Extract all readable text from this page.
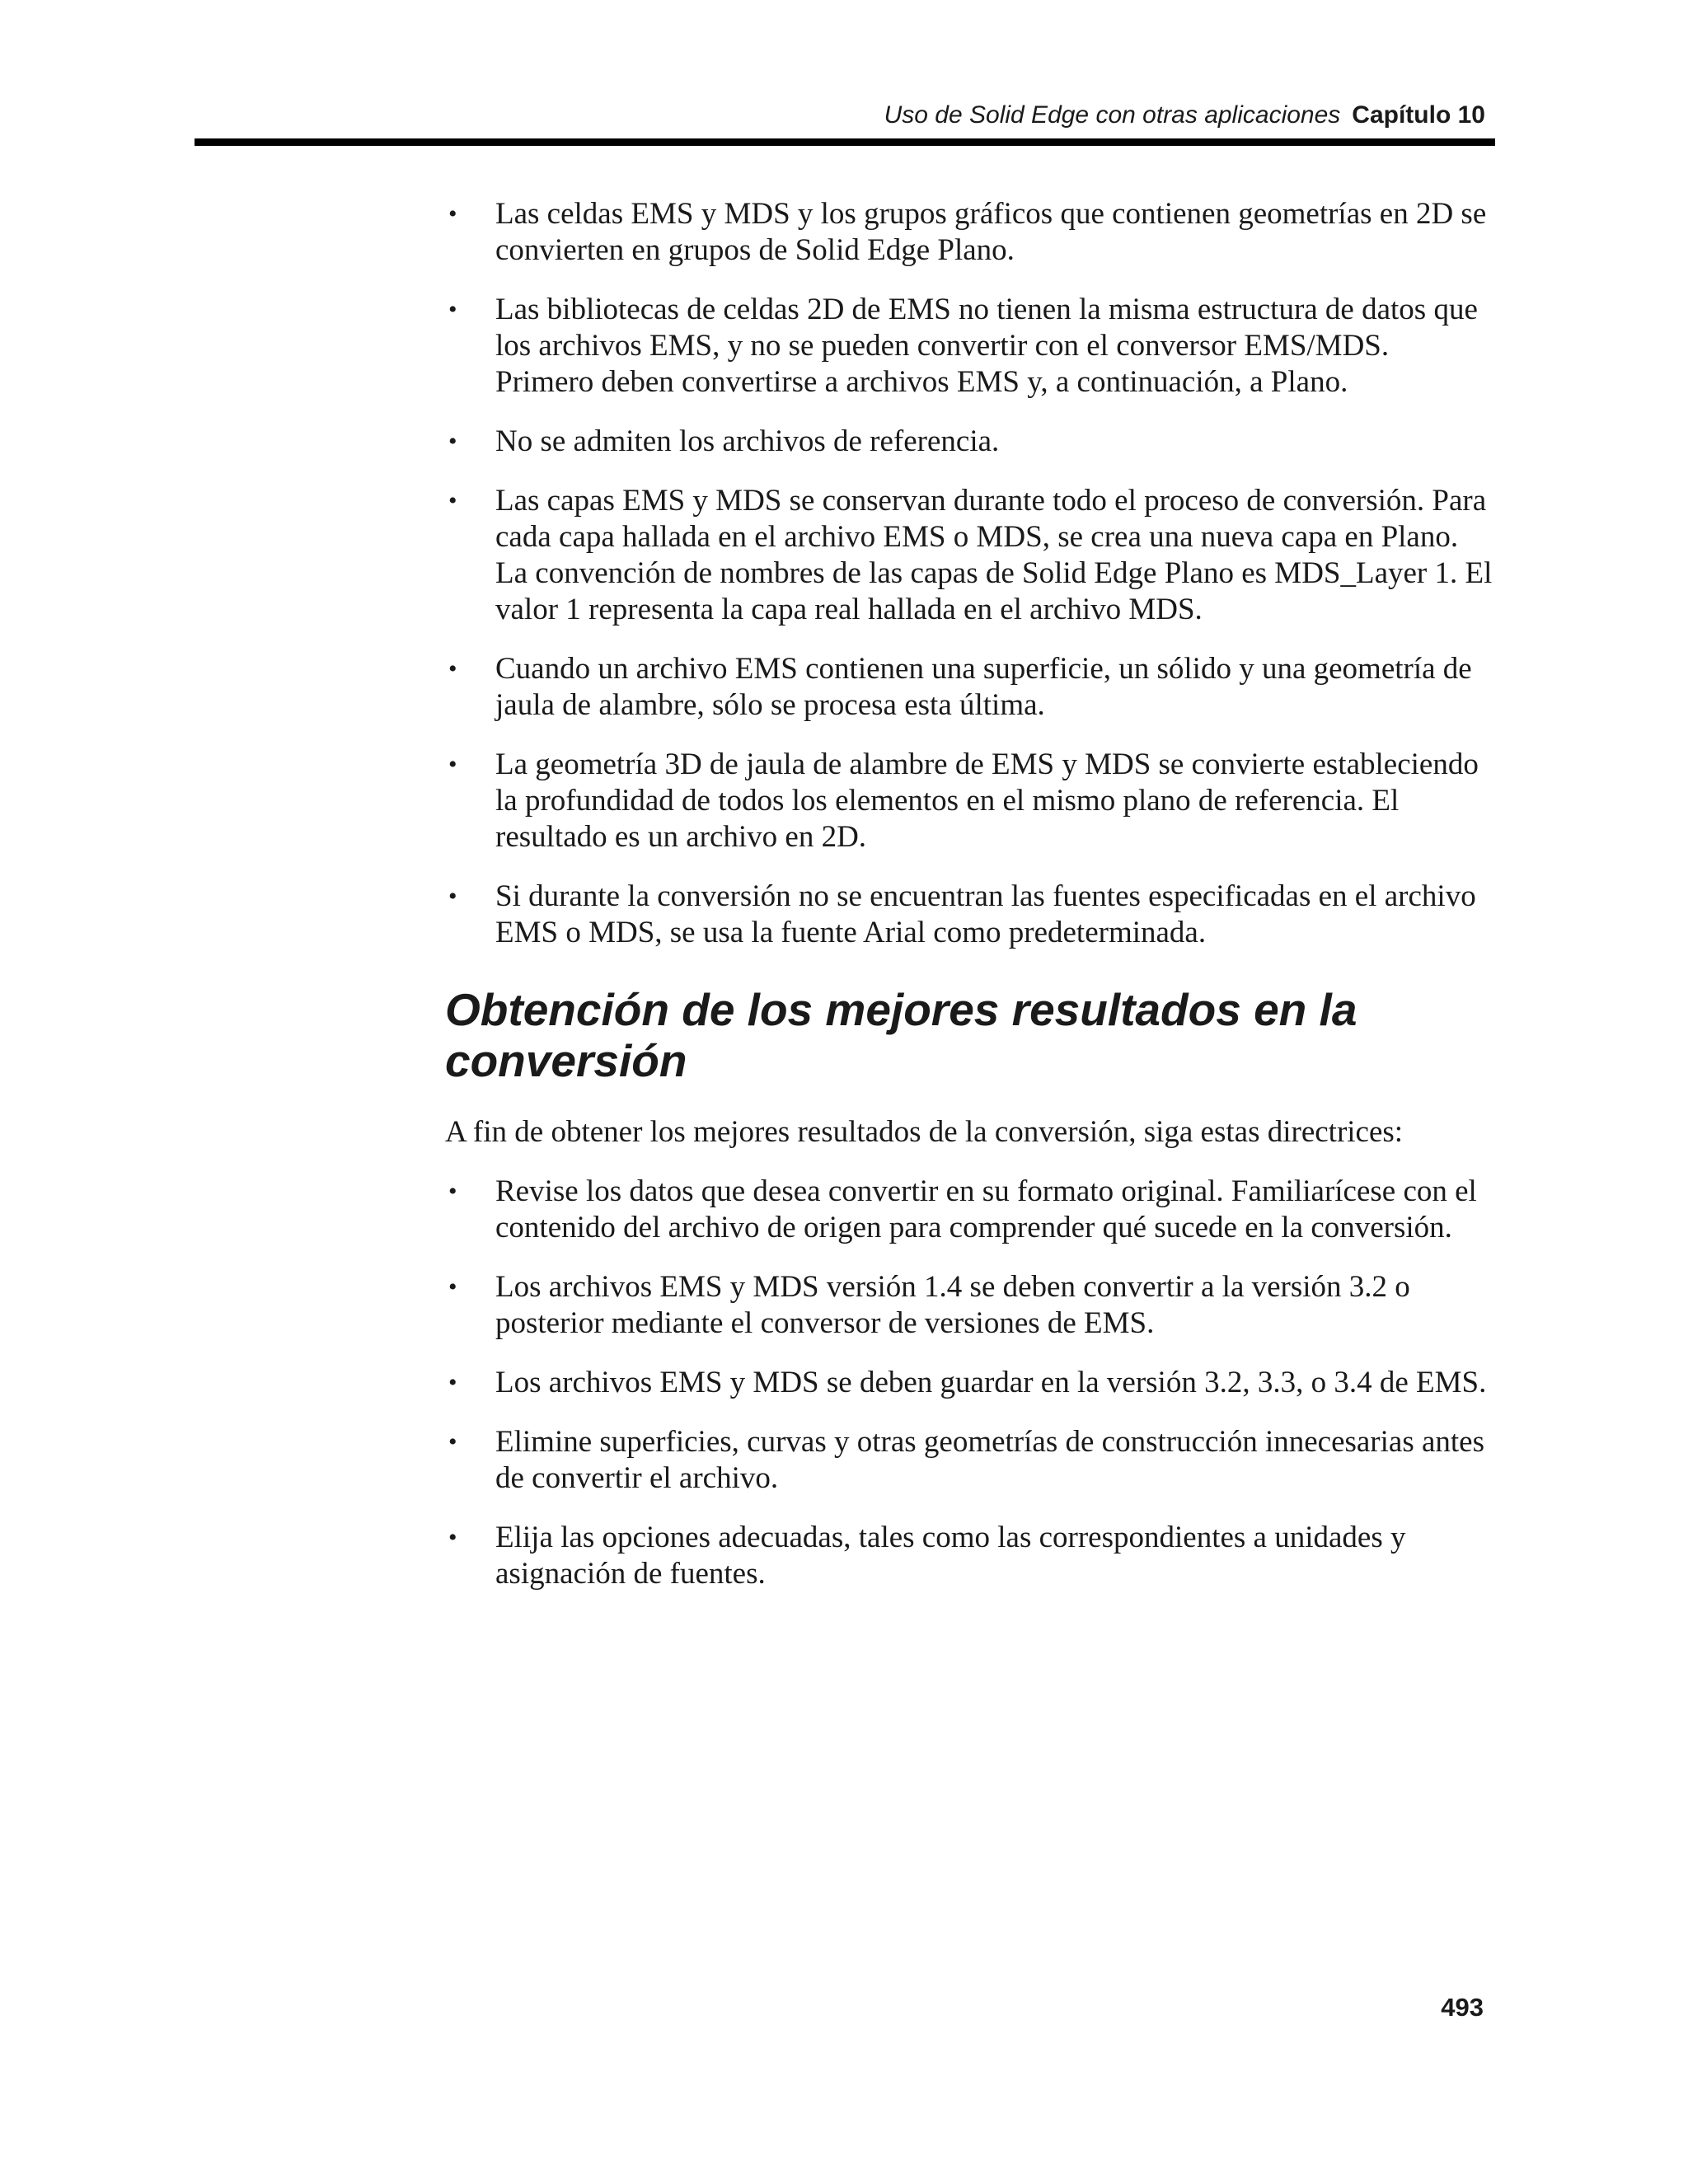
Uso de Solid Edge con otras aplicaciones Capítulo 10
• Las celdas EMS y MDS y los grupos gráficos que contienen geometrías en 2D se convierten en grupos de Solid Edge Plano.
• Las bibliotecas de celdas 2D de EMS no tienen la misma estructura de datos que los archivos EMS, y no se pueden convertir con el conversor EMS/MDS. Primero deben convertirse a archivos EMS y, a continuación, a Plano.
• No se admiten los archivos de referencia.
• Las capas EMS y MDS se conservan durante todo el proceso de conversión. Para cada capa hallada en el archivo EMS o MDS, se crea una nueva capa en Plano. La convención de nombres de las capas de Solid Edge Plano es MDS_Layer 1. El valor 1 representa la capa real hallada en el archivo MDS.
• Cuando un archivo EMS contienen una superficie, un sólido y una geometría de jaula de alambre, sólo se procesa esta última.
• La geometría 3D de jaula de alambre de EMS y MDS se convierte estableciendo la profundidad de todos los elementos en el mismo plano de referencia. El resultado es un archivo en 2D.
• Si durante la conversión no se encuentran las fuentes especificadas en el archivo EMS o MDS, se usa la fuente Arial como predeterminada.
Obtención de los mejores resultados en la conversión

A fin de obtener los mejores resultados de la conversión, siga estas directrices:

• Revise los datos que desea convertir en su formato original. Familiarícese con el contenido del archivo de origen para comprender qué sucede en la conversión.
• Los archivos EMS y MDS versión 1.4 se deben convertir a la versión 3.2 o posterior mediante el conversor de versiones de EMS.
• Los archivos EMS y MDS se deben guardar en la versión 3.2, 3.3, o 3.4 de EMS.
• Elimine superficies, curvas y otras geometrías de construcción innecesarias antes de convertir el archivo.
• Elija las opciones adecuadas, tales como las correspondientes a unidades y asignación de fuentes.
493
